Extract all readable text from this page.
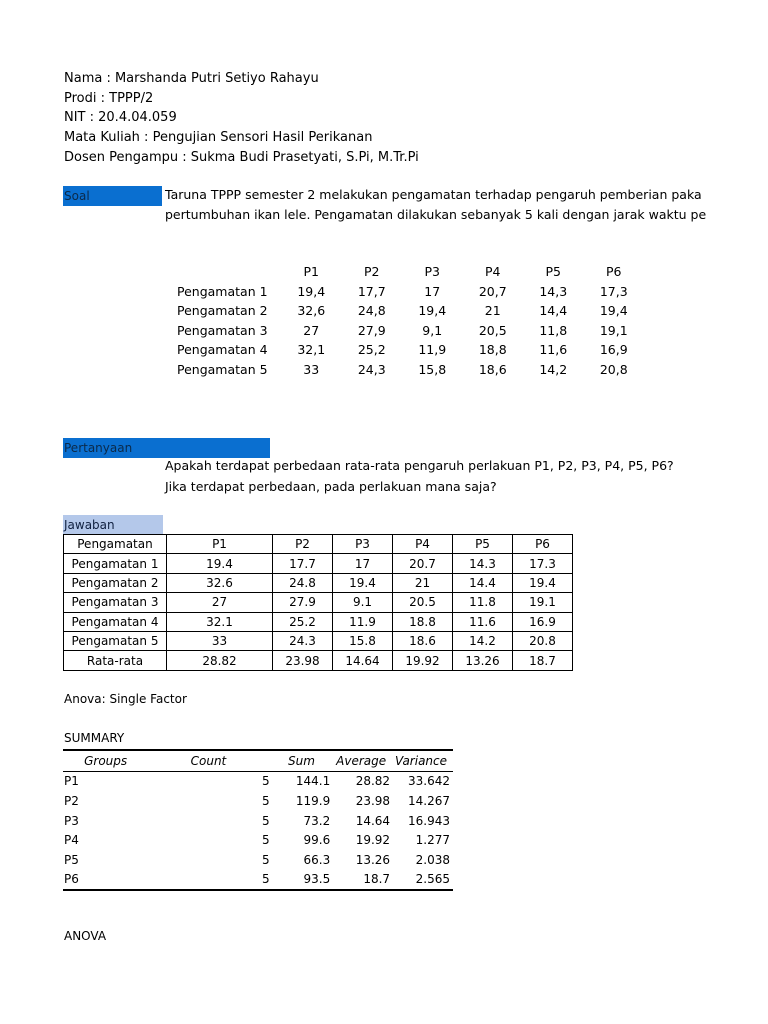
Nama : Marshanda Putri Setiyo Rahayu
Prodi : TPPP/2
NIT : 20.4.04.059
Mata Kuliah : Pengujian Sensori Hasil Perikanan
Dosen Pengampu : Sukma Budi Prasetyati, S.Pi, M.Tr.Pi
Soal	Taruna TPPP semester 2 melakukan pengamatan terhadap pengaruh pemberian paka
pertumbuhan ikan lele. Pengamatan dilakukan sebanyak 5 kali dengan jarak waktu pe
	P1	P2	P3	P4	P5	P6
Pengamatan 1	19,4	17,7	17	20,7	14,3	17,3
Pengamatan 2	32,6	24,8	19,4	21	14,4	19,4
Pengamatan 3	27	27,9	9,1	20,5	11,8	19,1
Pengamatan 4	32,1	25,2	11,9	18,8	11,6	16,9
Pengamatan 5	33	24,3	15,8	18,6	14,2	20,8
Pertanyaan
Apakah terdapat perbedaan rata-rata pengaruh perlakuan P1, P2, P3, P4, P5, P6?
Jika terdapat perbedaan, pada perlakuan mana saja?
Jawaban
Pengamatan	P1	P2	P3	P4	P5	P6
Pengamatan 1	19.4	17.7	17	20.7	14.3	17.3
Pengamatan 2	32.6	24.8	19.4	21	14.4	19.4
Pengamatan 3	27	27.9	9.1	20.5	11.8	19.1
Pengamatan 4	32.1	25.2	11.9	18.8	11.6	16.9
Pengamatan 5	33	24.3	15.8	18.6	14.2	20.8
Rata-rata	28.82	23.98	14.64	19.92	13.26	18.7
Anova: Single Factor
SUMMARY
Groups	Count	Sum	Average	Variance
P1	5	144.1	28.82	33.642
P2	5	119.9	23.98	14.267
P3	5	73.2	14.64	16.943
P4	5	99.6	19.92	1.277
P5	5	66.3	13.26	2.038
P6	5	93.5	18.7	2.565
ANOVA
